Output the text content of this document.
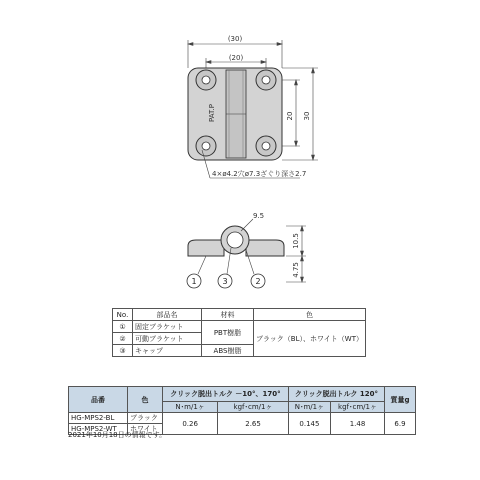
(30)
(20)
20 30
PAT.P
4×ø4.2穴ø7.3ざぐり深さ2.7
9.5
10.5
4.75
1	3	2
No.	部品名	材料	色
①	固定ブラケット	PBT樹脂	ブラック（BL）、ホワイト（WT）
②	可動ブラケット		
③	キャップ	ABS樹脂	
品番	色	クリック脱出トルク －10°、170°		クリック脱出トルク 120°		質量g
		N･m/1ヶ	kgf･cm/1ヶ	N･m/1ヶ	kgf･cm/1ヶ	
HG-MPS2-BL	ブラック	0.26	2.65	0.145	1.48	6.9
HG-MPS2-WT	ホワイト					
2021年10月18日の情報です。
